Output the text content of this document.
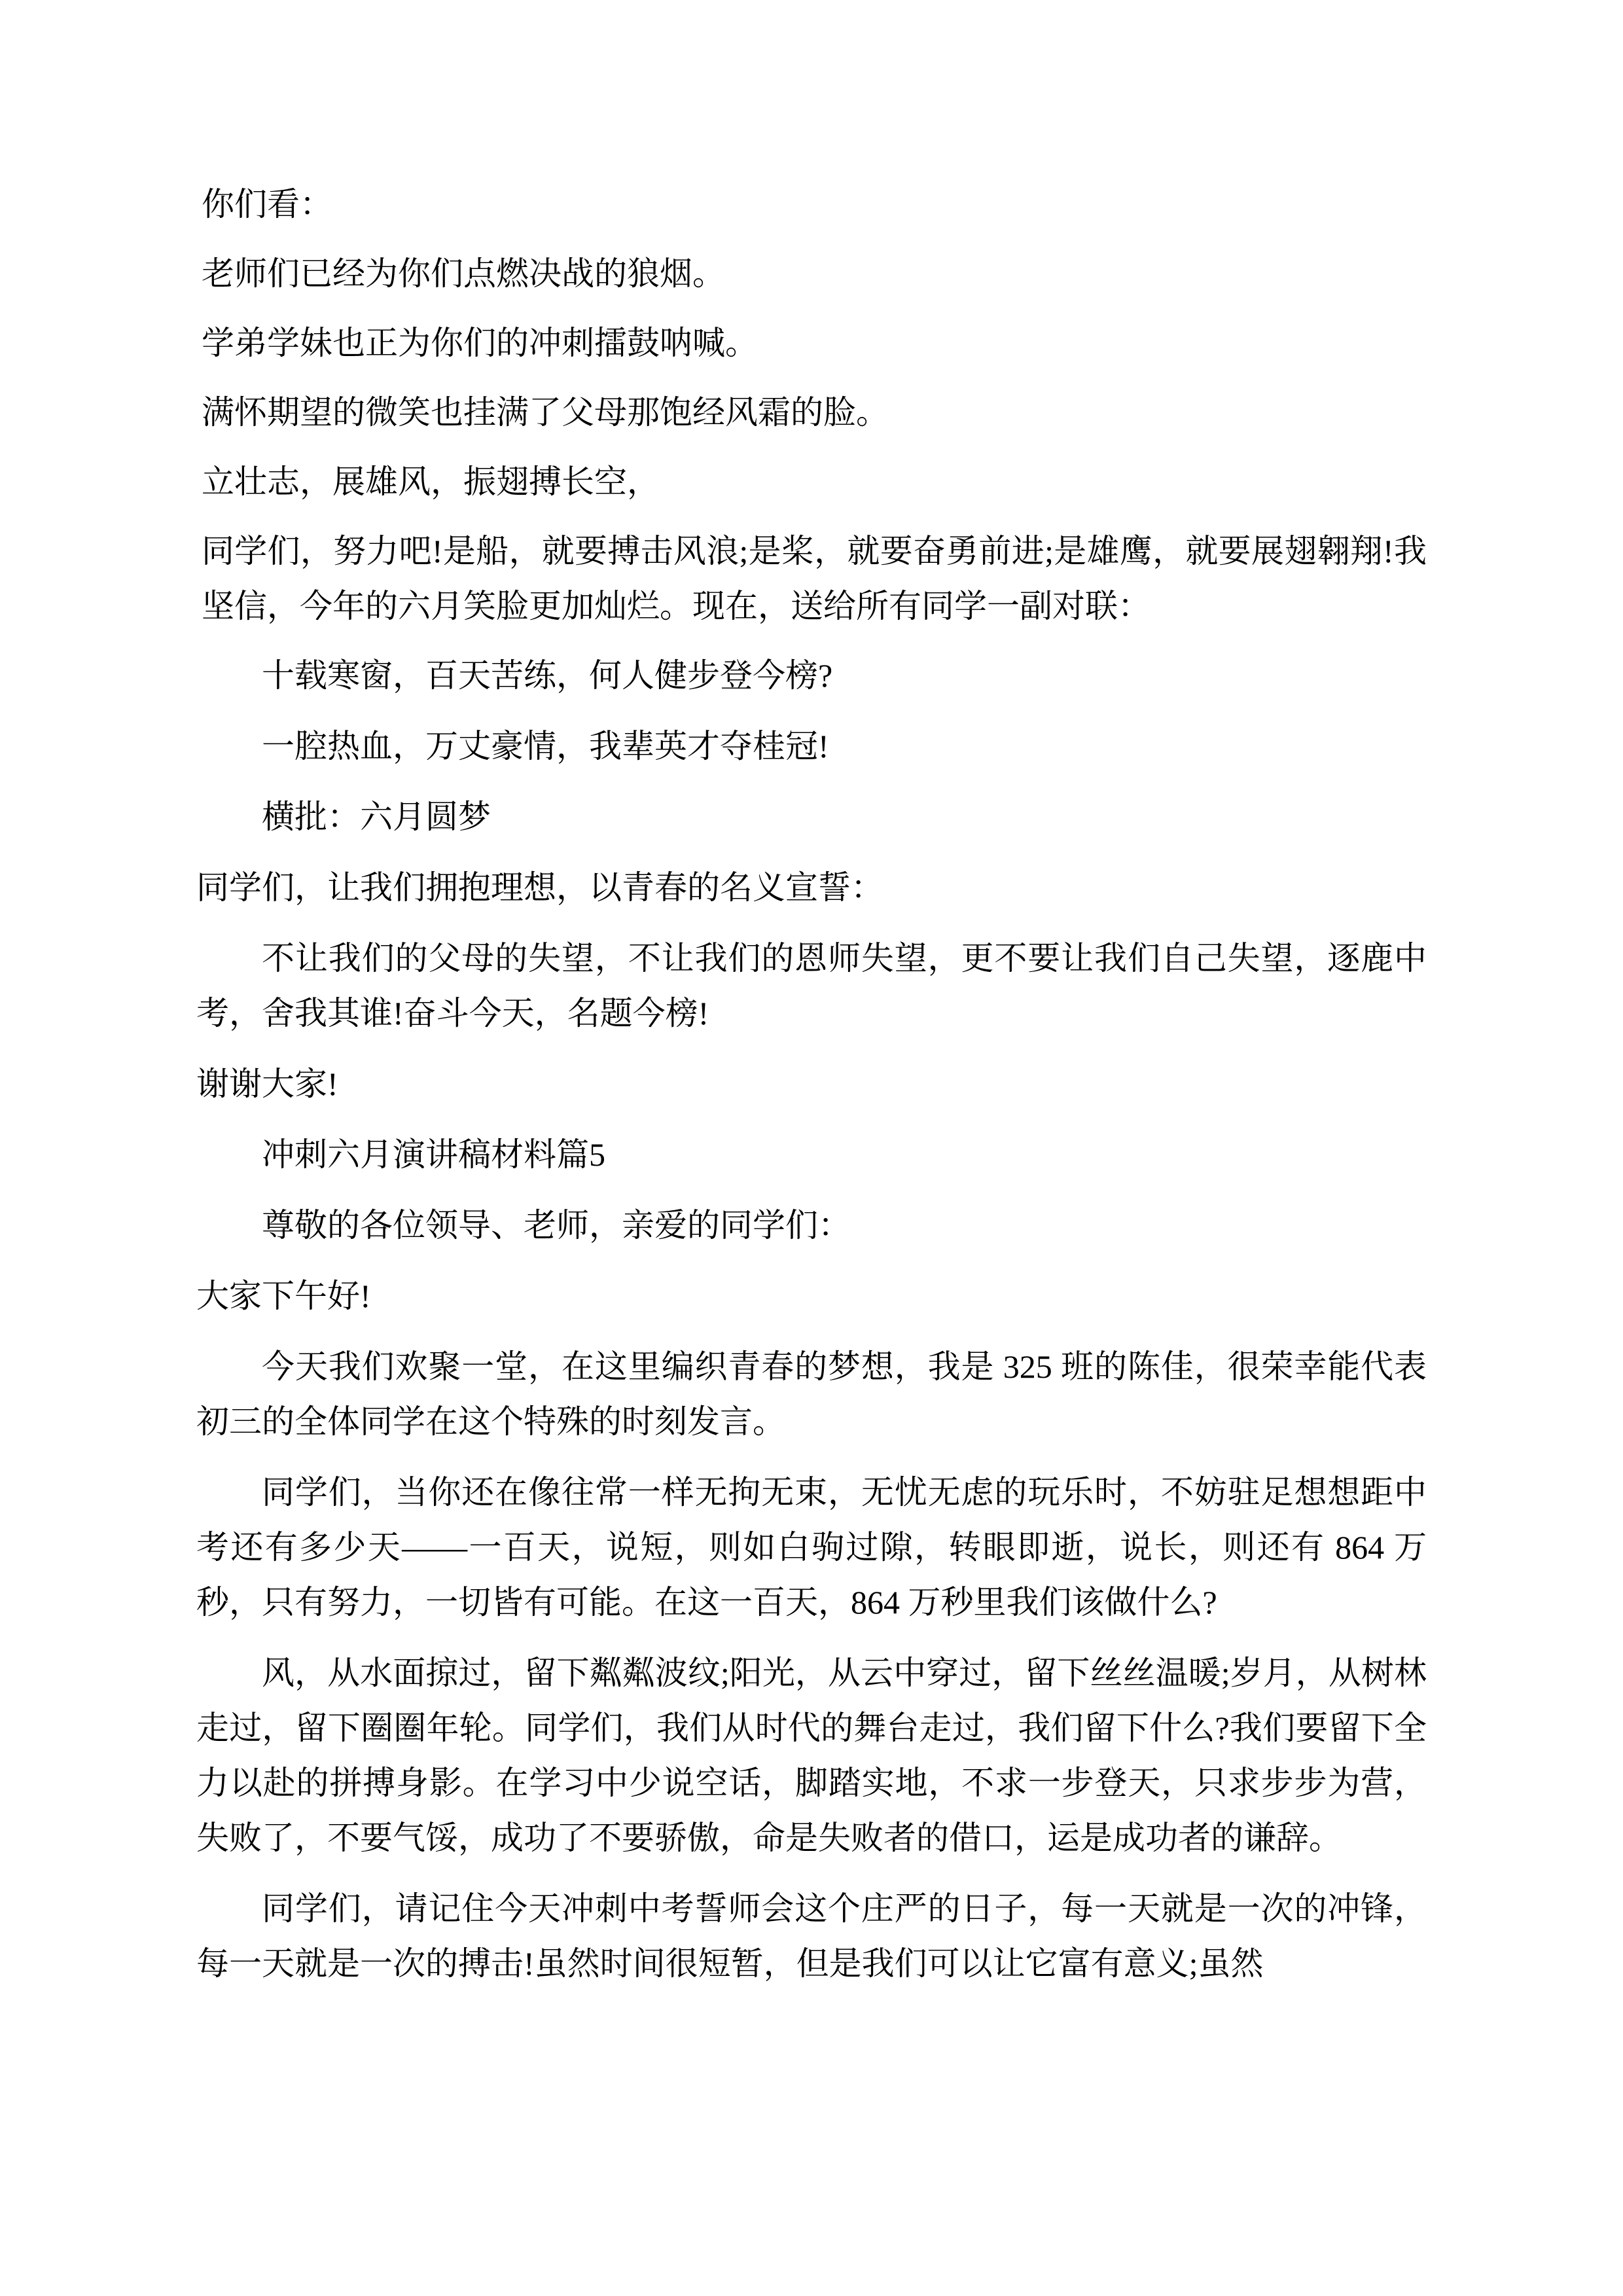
你们看：

老师们已经为你们点燃决战的狼烟。

学弟学妹也正为你们的冲刺擂鼓呐喊。

满怀期望的微笑也挂满了父母那饱经风霜的脸。

立壮志，展雄风，振翅搏长空，

同学们，努力吧!是船，就要搏击风浪;是桨，就要奋勇前进;是雄鹰，就要展翅翱翔!我坚信，今年的六月笑脸更加灿烂。现在，送给所有同学一副对联：

十载寒窗，百天苦练，何人健步登今榜?

一腔热血，万丈豪情，我辈英才夺桂冠!

横批：六月圆梦

同学们，让我们拥抱理想，以青春的名义宣誓：

不让我们的父母的失望，不让我们的恩师失望，更不要让我们自己失望，逐鹿中考，舍我其谁!奋斗今天，名题今榜!

谢谢大家!

冲刺六月演讲稿材料篇5

尊敬的各位领导、老师，亲爱的同学们：

大家下午好!

今天我们欢聚一堂，在这里编织青春的梦想，我是 325 班的陈佳，很荣幸能代表初三的全体同学在这个特殊的时刻发言。

同学们，当你还在像往常一样无拘无束，无忧无虑的玩乐时，不妨驻足想想距中考还有多少天——一百天，说短，则如白驹过隙，转眼即逝，说长，则还有 864 万秒，只有努力，一切皆有可能。在这一百天，864 万秒里我们该做什么?

风，从水面掠过，留下粼粼波纹;阳光，从云中穿过，留下丝丝温暖;岁月，从树林走过，留下圈圈年轮。同学们，我们从时代的舞台走过，我们留下什么?我们要留下全力以赴的拼搏身影。在学习中少说空话，脚踏实地，不求一步登天，只求步步为营，失败了，不要气馁，成功了不要骄傲，命是失败者的借口，运是成功者的谦辞。

同学们，请记住今天冲刺中考誓师会这个庄严的日子，每一天就是一次的冲锋，每一天就是一次的搏击!虽然时间很短暂，但是我们可以让它富有意义;虽然
